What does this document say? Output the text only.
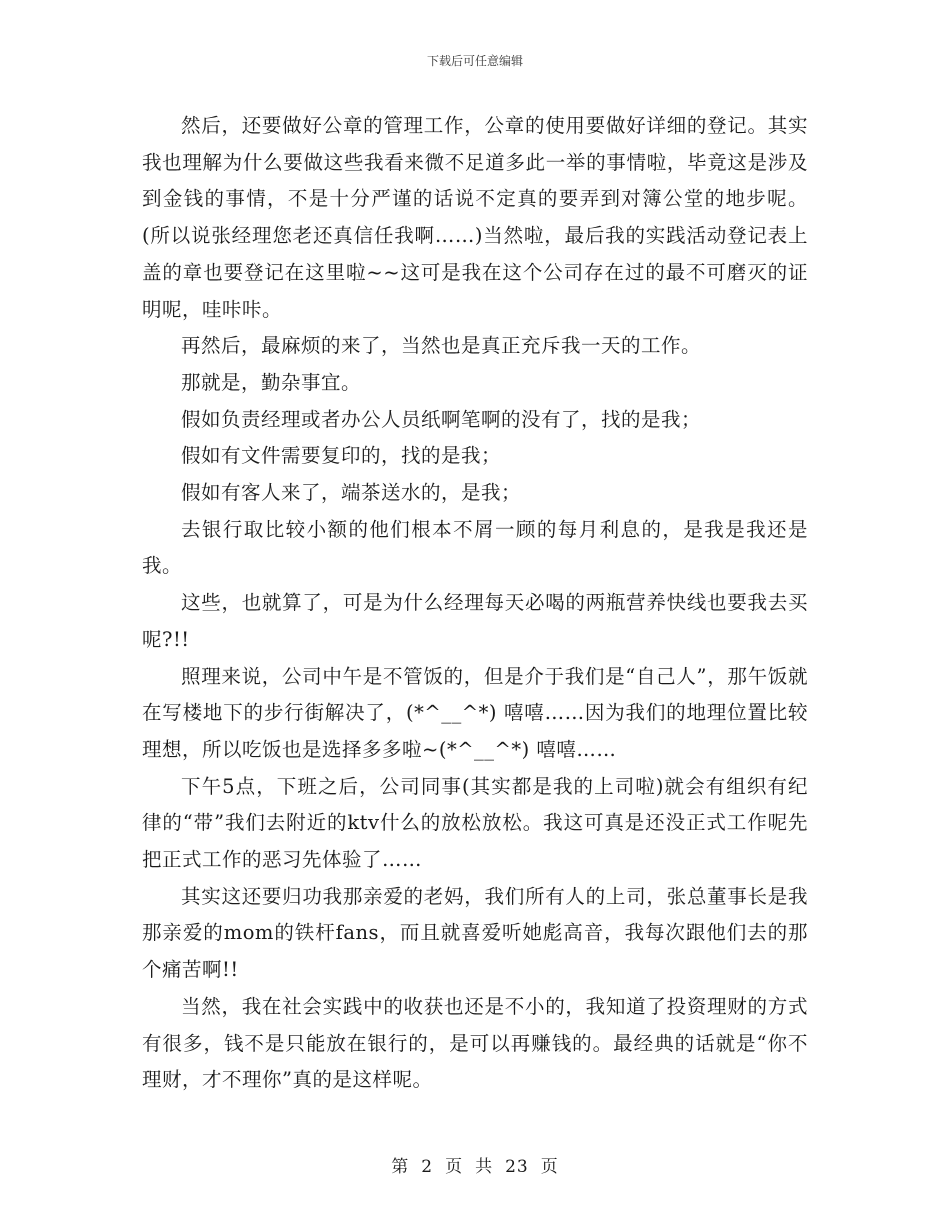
下载后可任意编辑

然后，还要做好公章的管理工作，公章的使用要做好详细的登记。其实我也理解为什么要做这些我看来微不足道多此一举的事情啦，毕竟这是涉及到金钱的事情，不是十分严谨的话说不定真的要弄到对簿公堂的地步呢。(所以说张经理您老还真信任我啊……)当然啦，最后我的实践活动登记表上盖的章也要登记在这里啦~~这可是我在这个公司存在过的最不可磨灭的证明呢，哇咔咔。

再然后，最麻烦的来了，当然也是真正充斥我一天的工作。

那就是，勤杂事宜。

假如负责经理或者办公人员纸啊笔啊的没有了，找的是我；

假如有文件需要复印的，找的是我；

假如有客人来了，端茶送水的，是我；

去银行取比较小额的他们根本不屑一顾的每月利息的，是我是我还是我。

这些，也就算了，可是为什么经理每天必喝的两瓶营养快线也要我去买呢?!!

照理来说，公司中午是不管饭的，但是介于我们是“自己人”，那午饭就在写楼地下的步行街解决了，(*^__^*) 嘻嘻……因为我们的地理位置比较理想，所以吃饭也是选择多多啦~(*^__^*) 嘻嘻……

下午5点，下班之后，公司同事(其实都是我的上司啦)就会有组织有纪律的“带”我们去附近的ktv什么的放松放松。我这可真是还没正式工作呢先把正式工作的恶习先体验了……

其实这还要归功我那亲爱的老妈，我们所有人的上司，张总董事长是我那亲爱的mom的铁杆fans，而且就喜爱听她彪高音，我每次跟他们去的那个痛苦啊!!

当然，我在社会实践中的收获也还是不小的，我知道了投资理财的方式有很多，钱不是只能放在银行的，是可以再赚钱的。最经典的话就是“你不理财，才不理你”真的是这样呢。

第 2 页 共 23 页
